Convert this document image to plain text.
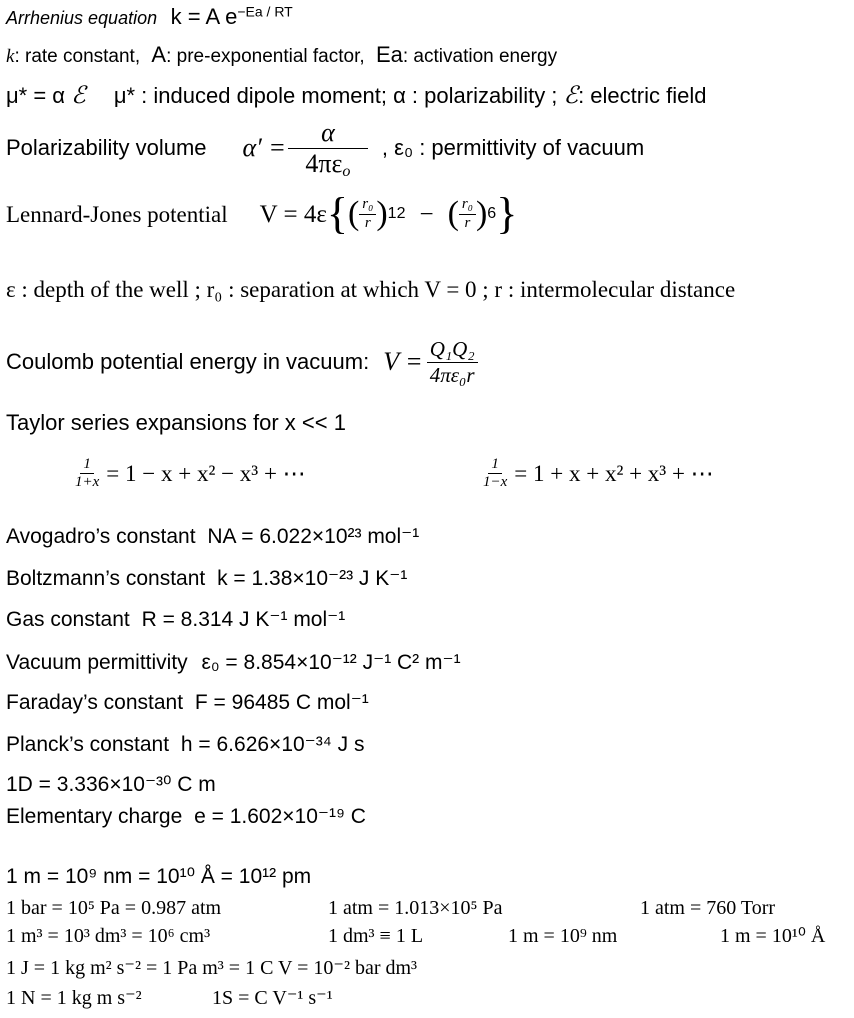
Arrhenius equation k = A $e^{-Ea / RT}$
k: rate constant, A: pre-exponential factor, Ea: activation energy
μ* = α ℰ μ* : induced dipole moment; α : polarizability ; ℰ: electric field
Polarizability volume $\alpha' = \frac{\alpha}{4\pi\varepsilon_o}$ , ε₀ : permittivity of vacuum
Lennard-Jones potential V = 4ε { ( $\frac{\text{r₀}}{r}$ ) 12 − ( $\frac{\text{r₀}}{r}$ ) 6 }
ε : depth of the well ; r₀ : separation at which V = 0 ; r : intermolecular distance
Coulomb potential energy in vacuum: $V = \frac{\text{Q₁Q₂}}{\text{4πε₀r}}$
Taylor series expansions for x << 1
$\frac{1}{1+x} = 1 - x + x^2 - x^3$ + ⋯	$\frac{1}{1-x} = 1 + x + x^2 + x^3$ + ⋯
Avogadro’s constant NA = 6.022×10²³ mol⁻¹
Boltzmann’s constant k = 1.38×10⁻²³ J K⁻¹
Gas constant R = 8.314 J K⁻¹ mol⁻¹
Vacuum permittivity ε₀ = 8.854×10⁻¹² J⁻¹ C² m⁻¹
Faraday’s constant F = 96485 C mol⁻¹
Planck’s constant h = 6.626×10⁻³⁴ J s
1D = 3.336×10⁻³⁰ C m
Elementary charge e = 1.602×10⁻¹⁹ C
1 m = 10⁹ nm = 10¹⁰ Å = 10¹² pm
1 bar = 10⁵ Pa = 0.987 atm	1 atm = 1.013×10⁵ Pa	1 atm = 760 Torr
1 m³ = 10³ dm³ = 10⁶ cm³	1 dm³ ≡ 1 L	1 m = 10⁹ nm	1 m = 10¹⁰ Å
1 J = 1 kg m² s⁻² = 1 Pa m³ = 1 C V = 10⁻² bar dm³
1 N = 1 kg m s⁻²	1S = C V⁻¹ s⁻¹
